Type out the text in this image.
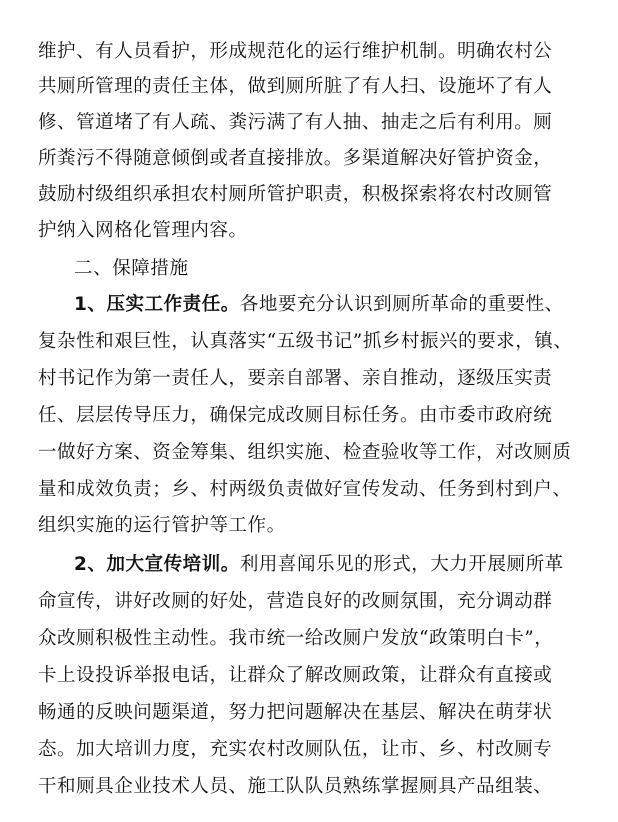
维护、有人员看护，形成规范化的运行维护机制。明确农村公
共厕所管理的责任主体，做到厕所脏了有人扫、设施坏了有人
修、管道堵了有人疏、粪污满了有人抽、抽走之后有利用。厕
所粪污不得随意倾倒或者直接排放。多渠道解决好管护资金，
鼓励村级组织承担农村厕所管护职责，积极探索将农村改厕管
护纳入网格化管理内容。
二、保障措施
1、压实工作责任。各地要充分认识到厕所革命的重要性、
复杂性和艰巨性，认真落实“五级书记”抓乡村振兴的要求，镇、
村书记作为第一责任人，要亲自部署、亲自推动，逐级压实责
任、层层传导压力，确保完成改厕目标任务。由市委市政府统
一做好方案、资金筹集、组织实施、检查验收等工作，对改厕质
量和成效负责；乡、村两级负责做好宣传发动、任务到村到户、
组织实施的运行管护等工作。
2、加大宣传培训。利用喜闻乐见的形式，大力开展厕所革
命宣传，讲好改厕的好处，营造良好的改厕氛围，充分调动群
众改厕积极性主动性。我市统一给改厕户发放“政策明白卡”，
卡上设投诉举报电话，让群众了解改厕政策，让群众有直接或
畅通的反映问题渠道，努力把问题解决在基层、解决在萌芽状
态。加大培训力度，充实农村改厕队伍，让市、乡、村改厕专
干和厕具企业技术人员、施工队队员熟练掌握厕具产品组装、
